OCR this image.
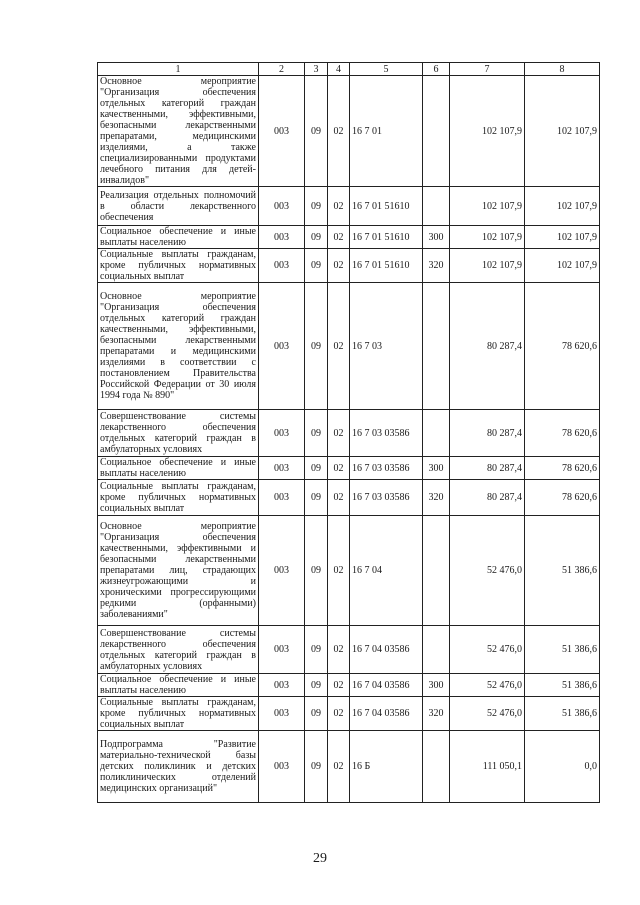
1	2	3	4	5	6	7	8
Основное мероприятие "Организация обеспечения отдельных категорий граждан качественными, эффективными, безопасными лекарственными препаратами, медицинскими изделиями, а также специализированными продуктами лечебного питания для детей-инвалидов"	003	09	02	16 7 01		102 107,9	102 107,9
Реализация отдельных полномочий в области лекарственного обеспечения	003	09	02	16 7 01 51610		102 107,9	102 107,9
Социальное обеспечение и иные выплаты населению	003	09	02	16 7 01 51610	300	102 107,9	102 107,9
Социальные выплаты гражданам, кроме публичных нормативных социальных выплат	003	09	02	16 7 01 51610	320	102 107,9	102 107,9
Основное мероприятие "Организация обеспечения отдельных категорий граждан качественными, эффективными, безопасными лекарственными препаратами и медицинскими изделиями в соответствии с постановлением Правительства Российской Федерации от 30 июля 1994 года № 890"	003	09	02	16 7 03		80 287,4	78 620,6
Совершенствование системы лекарственного обеспечения отдельных категорий граждан в амбулаторных условиях	003	09	02	16 7 03 03586		80 287,4	78 620,6
Социальное обеспечение и иные выплаты населению	003	09	02	16 7 03 03586	300	80 287,4	78 620,6
Социальные выплаты гражданам, кроме публичных нормативных социальных выплат	003	09	02	16 7 03 03586	320	80 287,4	78 620,6
Основное мероприятие "Организация обеспечения качественными, эффективными и безопасными лекарственными препаратами лиц, страдающих жизнеугрожающими и хроническими прогрессирующими редкими (орфанными) заболеваниями"	003	09	02	16 7 04		52 476,0	51 386,6
Совершенствование системы лекарственного обеспечения отдельных категорий граждан в амбулаторных условиях	003	09	02	16 7 04 03586		52 476,0	51 386,6
Социальное обеспечение и иные выплаты населению	003	09	02	16 7 04 03586	300	52 476,0	51 386,6
Социальные выплаты гражданам, кроме публичных нормативных социальных выплат	003	09	02	16 7 04 03586	320	52 476,0	51 386,6
Подпрограмма "Развитие материально-технической базы детских поликлиник и детских поликлинических отделений медицинских организаций"	003	09	02	16 Б		111 050,1	0,0
29
